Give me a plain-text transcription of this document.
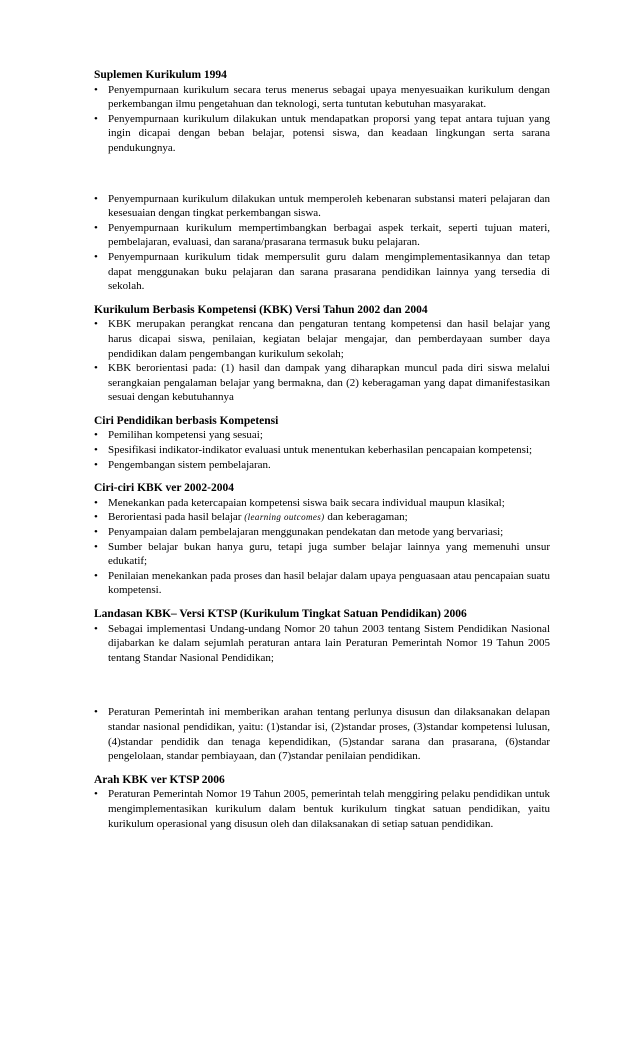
Suplemen Kurikulum 1994

• Penyempurnaan kurikulum secara terus menerus sebagai upaya menyesuaikan kurikulum dengan perkembangan ilmu pengetahuan dan teknologi, serta tuntutan kebutuhan masyarakat.
• Penyempurnaan kurikulum dilakukan untuk mendapatkan proporsi yang tepat antara tujuan yang ingin dicapai dengan beban belajar, potensi siswa, dan keadaan lingkungan serta sarana pendukungnya.
• Penyempurnaan kurikulum dilakukan untuk memperoleh kebenaran substansi materi pelajaran dan kesesuaian dengan tingkat perkembangan siswa.
• Penyempurnaan kurikulum mempertimbangkan berbagai aspek terkait, seperti tujuan materi, pembelajaran, evaluasi, dan sarana/prasarana termasuk buku pelajaran.
• Penyempurnaan kurikulum tidak mempersulit guru dalam mengimplementasikannya dan tetap dapat menggunakan buku pelajaran dan sarana prasarana pendidikan lainnya yang tersedia di sekolah.

Kurikulum Berbasis Kompetensi (KBK) Versi Tahun 2002 dan 2004

• KBK merupakan perangkat rencana dan pengaturan tentang kompetensi dan hasil belajar yang harus dicapai siswa, penilaian, kegiatan belajar mengajar, dan pemberdayaan sumber daya pendidikan dalam pengembangan kurikulum sekolah;
• KBK berorientasi pada: (1) hasil dan dampak yang diharapkan muncul pada diri siswa melalui serangkaian pengalaman belajar yang bermakna, dan (2) keberagaman yang dapat dimanifestasikan sesuai dengan kebutuhannya

Ciri Pendidikan berbasis Kompetensi

• Pemilihan kompetensi yang sesuai;
• Spesifikasi indikator-indikator evaluasi untuk menentukan keberhasilan pencapaian kompetensi;
• Pengembangan sistem pembelajaran.

Ciri-ciri KBK ver 2002-2004

• Menekankan pada ketercapaian kompetensi siswa baik secara individual maupun klasikal;
• Berorientasi pada hasil belajar (learning outcomes) dan keberagaman;
• Penyampaian dalam pembelajaran menggunakan pendekatan dan metode yang bervariasi;
• Sumber belajar bukan hanya guru, tetapi juga sumber belajar lainnya yang memenuhi unsur edukatif;
• Penilaian menekankan pada proses dan hasil belajar dalam upaya penguasaan atau pencapaian suatu kompetensi.

Landasan KBK– Versi KTSP (Kurikulum Tingkat Satuan Pendidikan) 2006

• Sebagai implementasi Undang-undang Nomor 20 tahun 2003 tentang Sistem Pendidikan Nasional dijabarkan ke dalam sejumlah peraturan antara lain Peraturan Pemerintah Nomor 19 Tahun 2005 tentang Standar Nasional Pendidikan;
• Peraturan Pemerintah ini memberikan arahan tentang perlunya disusun dan dilaksanakan delapan standar nasional pendidikan, yaitu: (1)standar isi, (2)standar proses, (3)standar kompetensi lulusan, (4)standar pendidik dan tenaga kependidikan, (5)standar sarana dan prasarana, (6)standar pengelolaan, standar pembiayaan, dan (7)standar penilaian pendidikan.

Arah KBK ver KTSP 2006

• Peraturan Pemerintah Nomor 19 Tahun 2005, pemerintah telah menggiring pelaku pendidikan untuk mengimplementasikan kurikulum dalam bentuk kurikulum tingkat satuan pendidikan, yaitu kurikulum operasional yang disusun oleh dan dilaksanakan di setiap satuan pendidikan.
